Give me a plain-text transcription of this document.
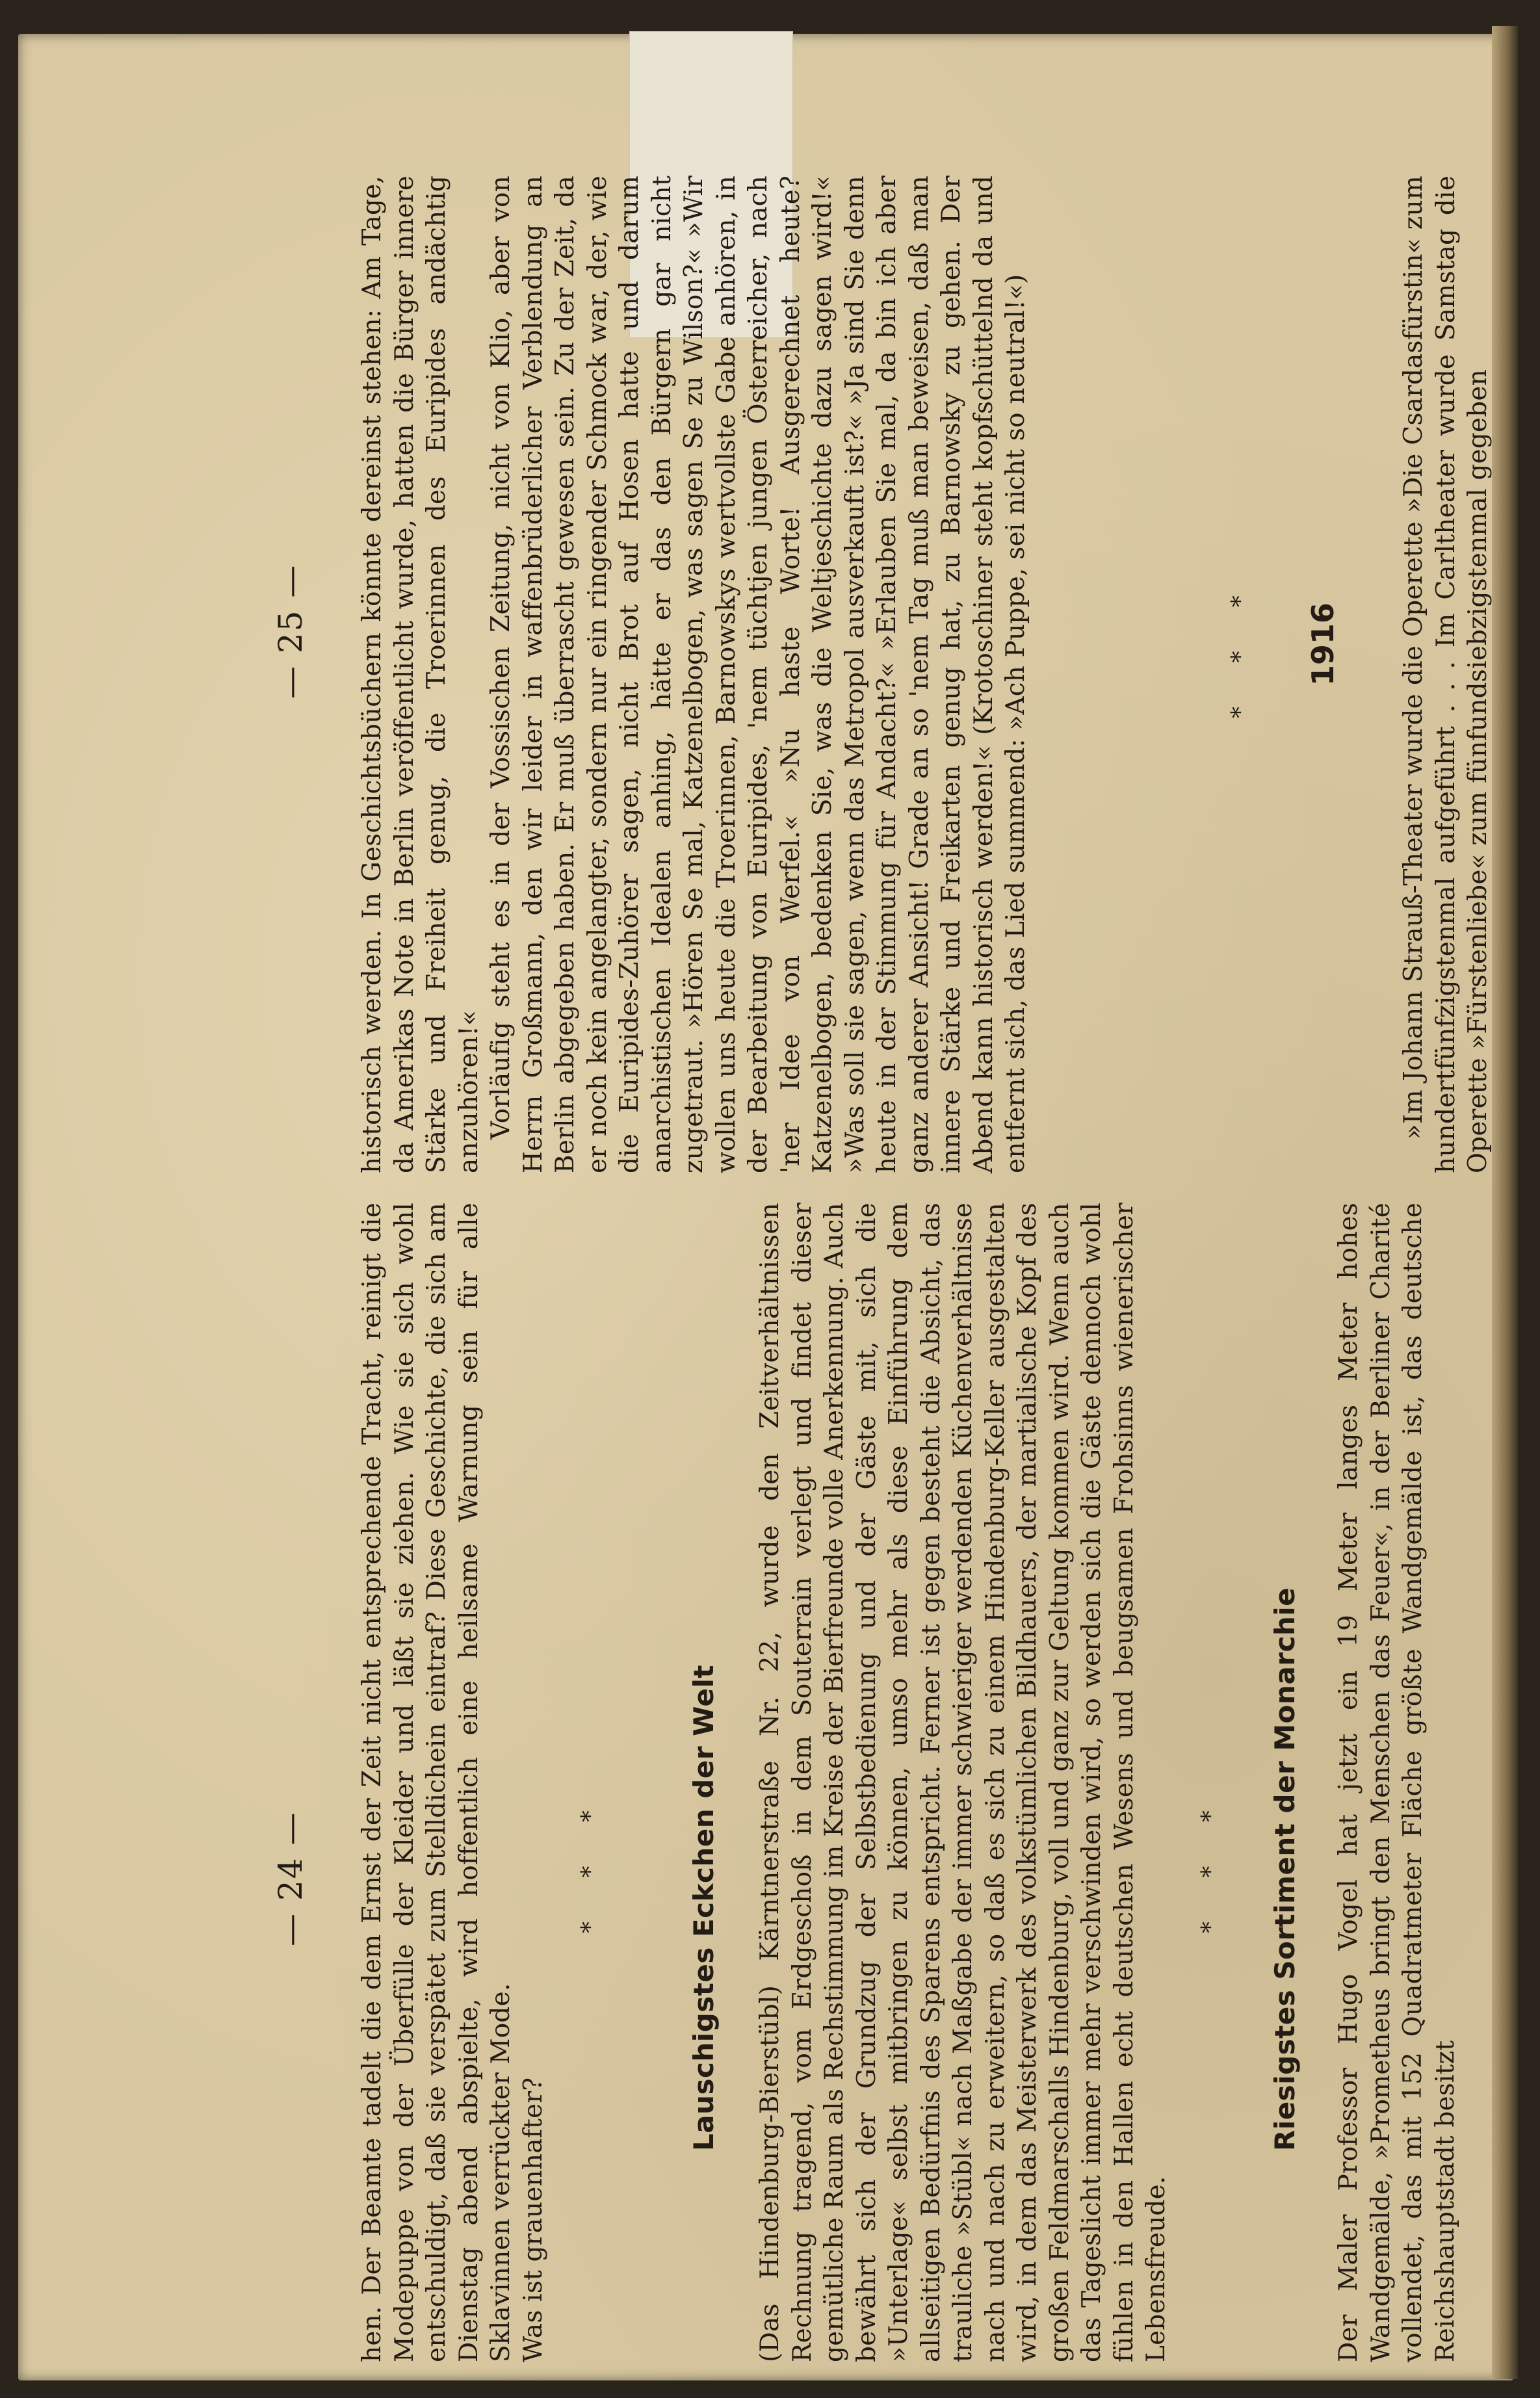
hen. Der Beamte tadelt die dem Ernst der Zeit nicht entsprechende Tracht, reinigt die Modepuppe von der Überfülle der Kleider und läßt sie ziehen. Wie sie sich wohl entschuldigt, daß sie verspätet zum Stelldichein eintraf? Diese Geschichte, die sich am Dienstag abend abspielte, wird hoffentlich eine heilsame Warnung sein für alle Sklavinnen verrückter Mode. Was ist grauenhafter?

— 24 —	* * *	Lauschigstes Eckchen der Welt (Das Hindenburg-Bierstübl) Kärntnerstraße Nr. 22, wurde den Zeitverhältnissen Rechnung tragend, vom Erdgeschoß in dem Souterrain verlegt und findet dieser gemütliche Raum als Rechstimmung im Kreise der Bierfreunde volle Anerkennung. Auch bewährt sich der Grundzug der Selbstbedienung und der Gäste mit, sich die »Unterlage« selbst mitbringen zu können, umso mehr als diese Einführung dem allseitigen Bedürfnis des Sparens entspricht. Ferner ist gegen besteht die Absicht, das trauliche »Stübl« nach Maßgabe der immer schwieriger werdenden Küchenverhältnisse nach und nach zu erweitern, so daß es sich zu einem Hindenburg-Keller ausgestalten wird, in dem das Meisterwerk des volkstümlichen Bildhauers, der martialische Kopf des großen Feldmarschalls Hindenburg, voll und ganz zur Geltung kommen wird. Wenn auch das Tageslicht immer mehr verschwinden wird, so werden sich die Gäste dennoch wohl fühlen in den Hallen echt deutschen Wesens und beugsamen Frohsinns wienerischer Lebensfreude.

* * * Riesigstes Sortiment der Monarchie Der Maler Professor Hugo Vogel hat jetzt ein 19 Meter langes Meter hohes Wandgemälde, »Prometheus bringt den Menschen das Feuer«, in der Berliner Charité vollendet, das mit 152 Quadratmeter Fläche größte Wandgemälde ist, das deutsche Reichshauptstadt besitzt

— 25 — historisch werden. In Geschichtsbüchern könnte dereinst stehen: Am Tage, da Amerikas Note in Berlin veröffentlicht wurde, hatten die Bürger innere Stärke und Freiheit genug, die Troerinnen des Euripides andächtig anzuhören!« Vorläufig steht es in der Vossischen Zeitung, nicht von Klio, aber von Herrn Großmann, den wir leider in waffenbrüderlicher Verblendung an Berlin abgegeben haben. Er muß überrascht gewesen sein. Zu der Zeit, da er noch kein angelangter, sondern nur ein ringender Schmock war, der, wie die Euripides-Zuhörer sagen, nicht Brot auf Hosen hatte und darum anarchistischen Idealen anhing, hätte er das den Bürgern gar nicht zugetraut. »Hören Se mal, Katzenelbogen, was sagen Se zu Wilson?« »Wir wollen uns heute die Troerinnen, Barnowskys wertvollste Gabe anhören, in der Bearbeitung von Euripides, 'nem tüchtjen jungen Österreicher, nach 'ner Idee von Werfel.« »Nu haste Worte! Ausgerechnet heute? Katzenelbogen, bedenken Sie, was die Weltjeschichte dazu sagen wird!« »Was soll sie sagen, wenn das Metropol ausverkauft ist?« »Ja sind Sie denn heute in der Stimmung für Andacht?« »Erlauben Sie mal, da bin ich aber ganz anderer Ansicht! Grade an so 'nem Tag muß man beweisen, daß man innere Stärke und Freikarten genug hat, zu Barnowsky zu gehen. Der Abend kann historisch werden!« (Krotoschiner steht kopfschüttelnd da und entfernt sich, das Lied summend: »Ach Puppe, sei nicht so neutral!«)	* * * 1916 »Im Johann Strauß-Theater wurde die Operette »Die Csardasfürstin« zum hundertfünfzigstenmal aufgeführt . . . Im Carltheater wurde Samstag die Operette »Fürstenliebe« zum fünfundsiebzigstenmal gegeben
